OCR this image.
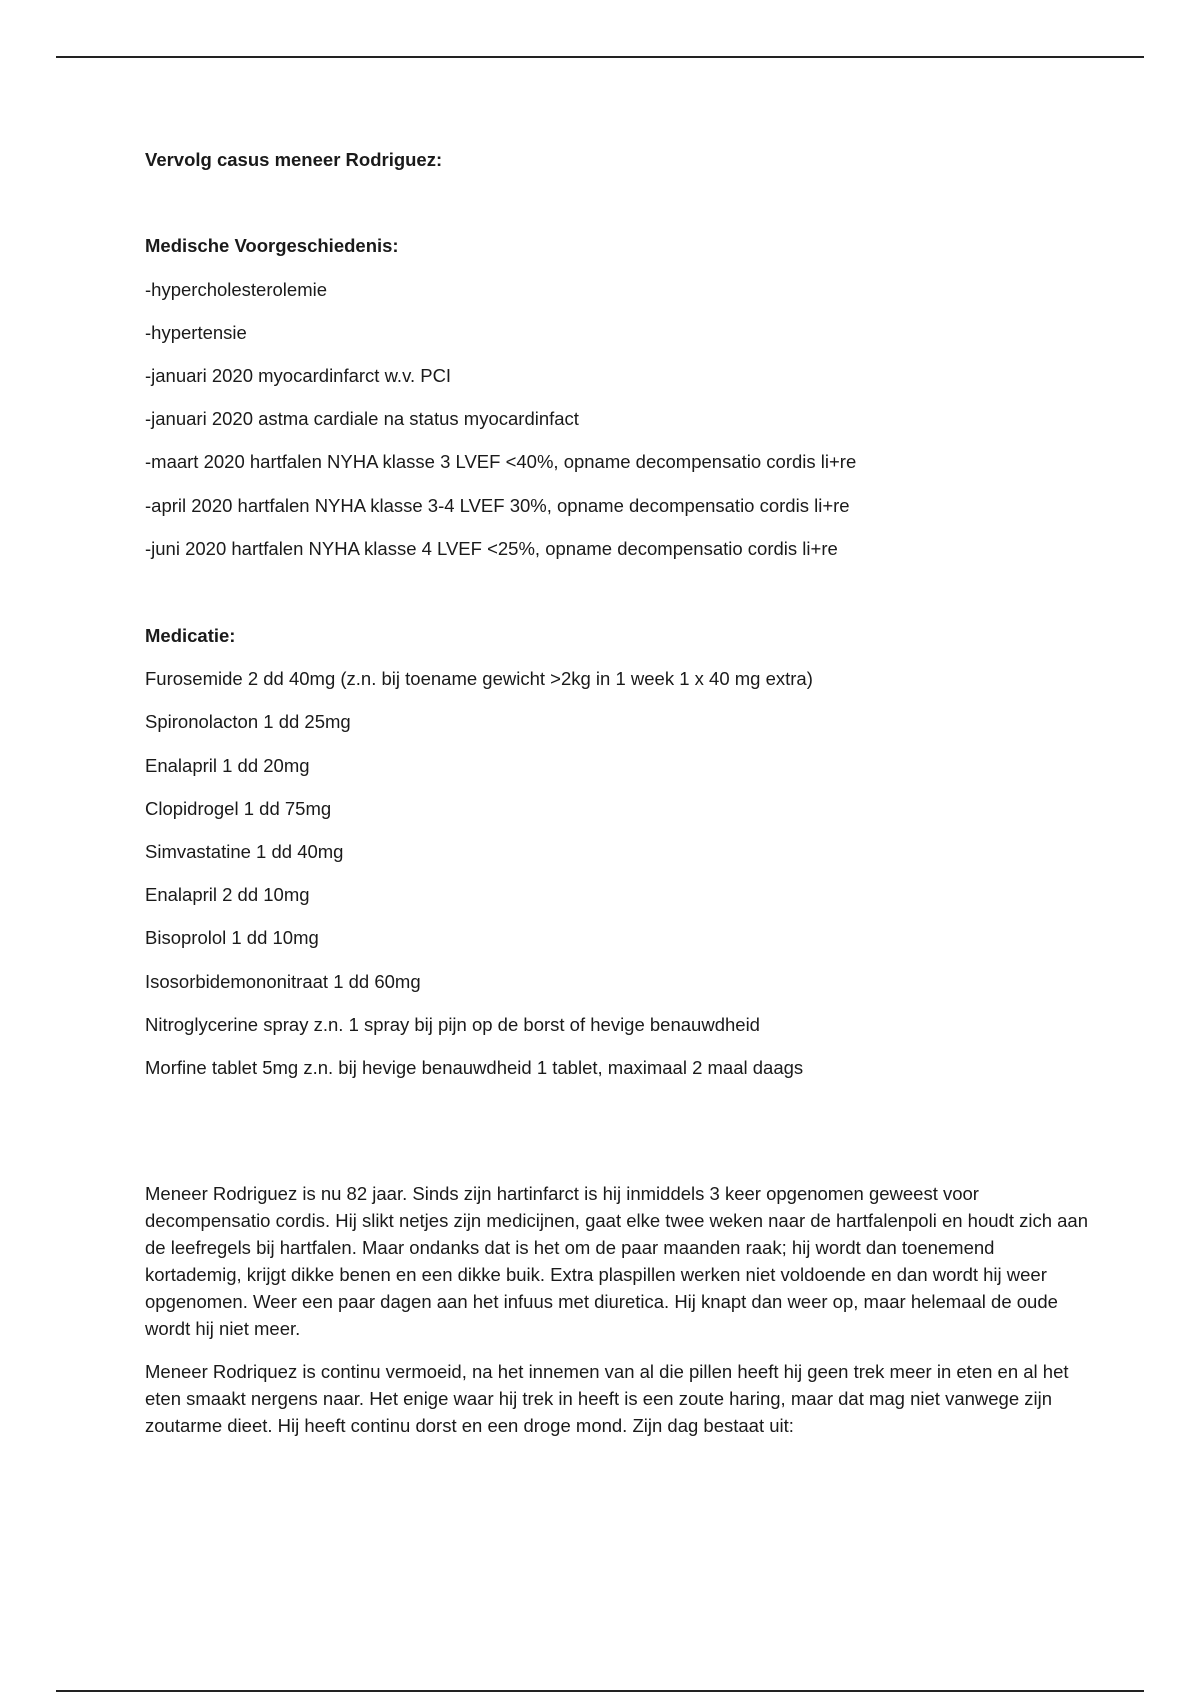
Vervolg casus meneer Rodriguez:
Medische Voorgeschiedenis:
-hypercholesterolemie
-hypertensie
-januari 2020 myocardinfarct w.v. PCI
-januari 2020 astma cardiale na status myocardinfact
-maart 2020 hartfalen NYHA klasse 3 LVEF <40%, opname decompensatio cordis li+re
-april 2020 hartfalen NYHA klasse 3-4 LVEF 30%, opname decompensatio cordis li+re
-juni 2020 hartfalen NYHA klasse 4 LVEF <25%, opname decompensatio cordis li+re
Medicatie:
Furosemide 2 dd 40mg (z.n. bij toename gewicht >2kg in 1 week 1 x 40 mg extra)
Spironolacton 1 dd 25mg
Enalapril 1 dd 20mg
Clopidrogel 1 dd 75mg
Simvastatine 1 dd 40mg
Enalapril 2 dd 10mg
Bisoprolol 1 dd 10mg
Isosorbidemononitraat 1 dd 60mg
Nitroglycerine spray z.n. 1 spray bij pijn op de borst of hevige benauwdheid
Morfine tablet 5mg z.n. bij hevige benauwdheid 1 tablet, maximaal 2 maal daags

Meneer Rodriguez is nu 82 jaar. Sinds zijn hartinfarct is hij inmiddels 3 keer opgenomen geweest voor decompensatio cordis. Hij slikt netjes zijn medicijnen, gaat elke twee weken naar de hartfalenpoli en houdt zich aan de leefregels bij hartfalen. Maar ondanks dat is het om de paar maanden raak; hij wordt dan toenemend kortademig, krijgt dikke benen en een dikke buik. Extra plaspillen werken niet voldoende en dan wordt hij weer opgenomen. Weer een paar dagen aan het infuus met diuretica. Hij knapt dan weer op, maar helemaal de oude wordt hij niet meer.

Meneer Rodriquez is continu vermoeid, na het innemen van al die pillen heeft hij geen trek meer in eten en al het eten smaakt nergens naar. Het enige waar hij trek in heeft is een zoute haring, maar dat mag niet vanwege zijn zoutarme dieet. Hij heeft continu dorst en een droge mond. Zijn dag bestaat uit:
